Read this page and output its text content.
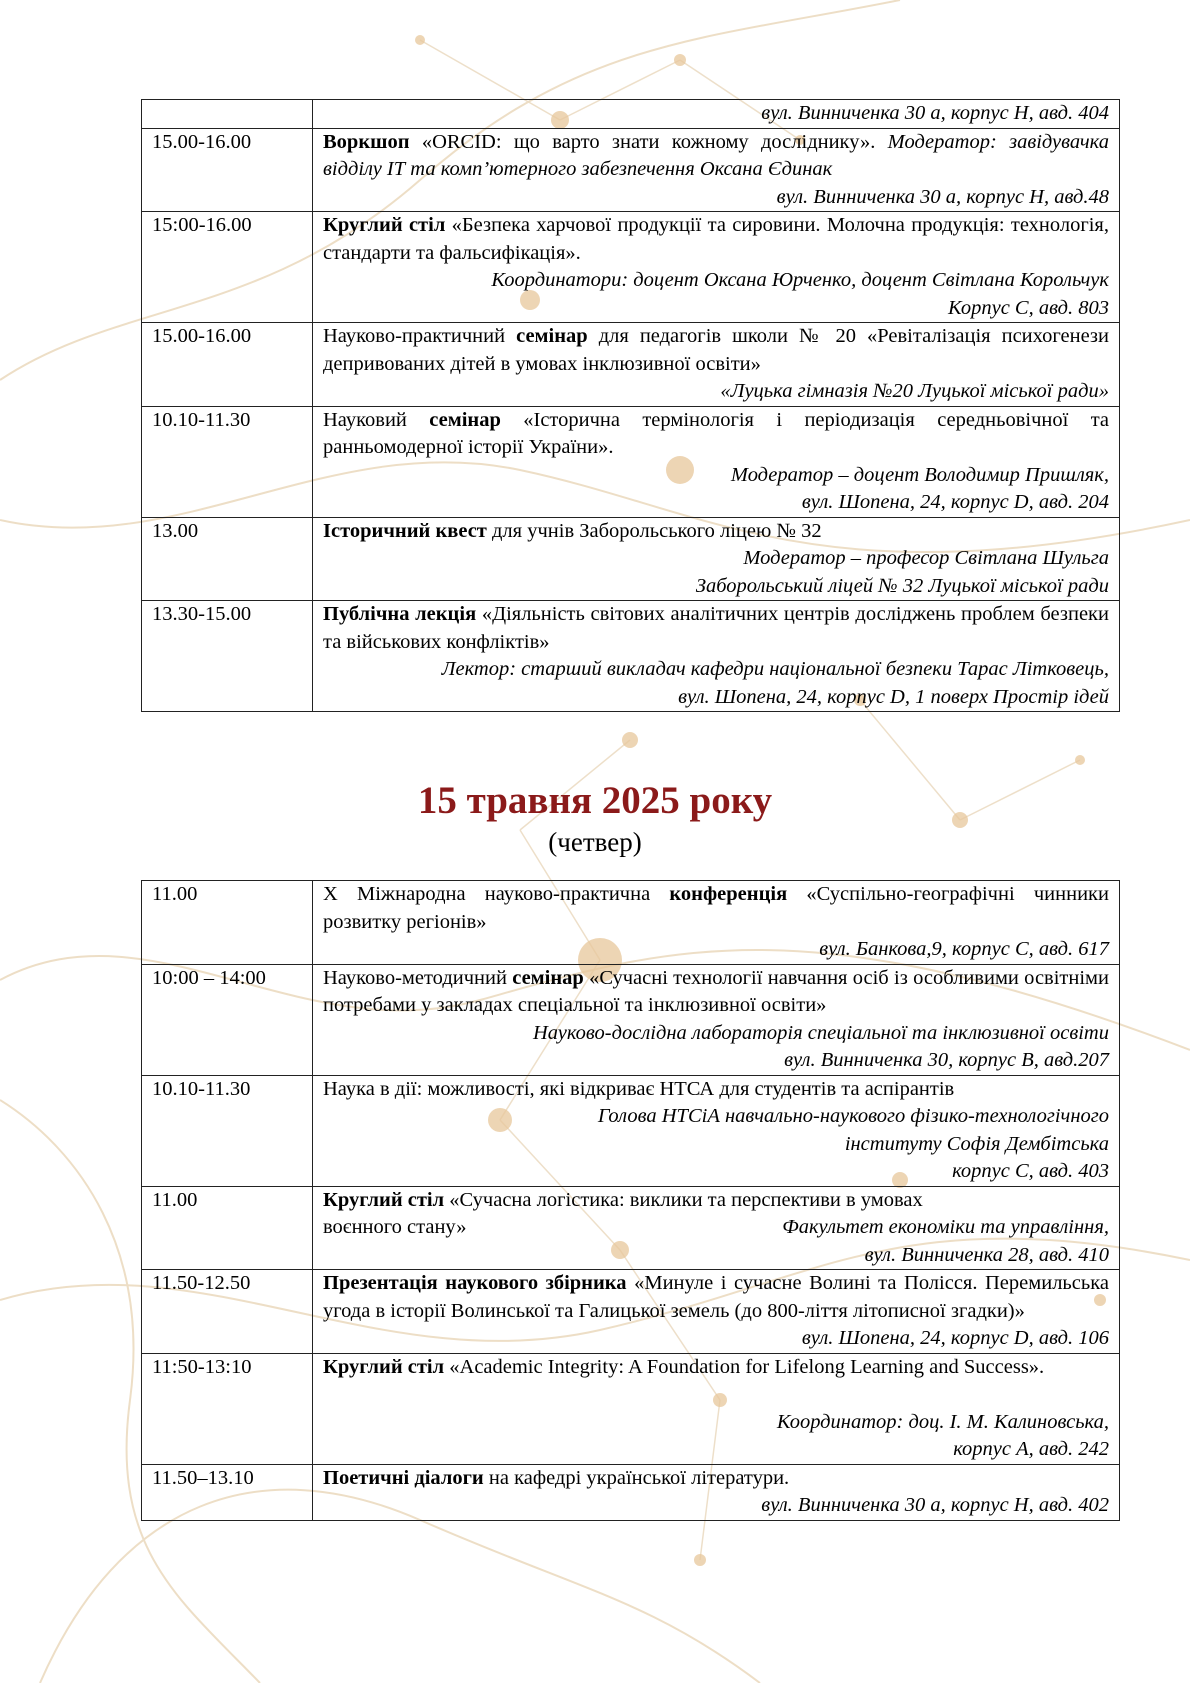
	вул. Винниченка 30 а, корпус Н, авд. 404

15.00-16.00	Воркшоп «ORCID: що варто знати кожному досліднику». Модератор: завідувачка відділу ІТ та комп’ютерного забезпечення Оксана Єдинак
вул. Винниченка 30 а, корпус Н, авд.48

15:00-16.00	Круглий стіл «Безпека харчової продукції та сировини. Молочна продукція: технологія, стандарти та фальсифікація».
Координатори: доцент Оксана Юрченко, доцент Світлана Корольчук
Корпус С, авд. 803

15.00-16.00	Науково-практичний семінар для педагогів школи № 20 «Ревіталізація психогенези депривованих дітей в умовах інклюзивної освіти»
«Луцька гімназія №20 Луцької міської ради»

10.10-11.30	Науковий семінар «Історична термінологія і періодизація середньовічної та ранньомодерної історії України».
Модератор – доцент Володимир Пришляк,
вул. Шопена, 24, корпус D, авд. 204

13.00	Історичний квест для учнів Заборольського ліцею № 32
Модератор – професор Світлана Шульга
Заборольський ліцей № 32 Луцької міської ради

13.30-15.00	Публічна лекція «Діяльність світових аналітичних центрів досліджень проблем безпеки та військових конфліктів»
Лектор: старший викладач кафедри національної безпеки Тарас Літковець,
вул. Шопена, 24, корпус D, 1 поверх Простір ідей
15 травня 2025 року
(четвер)
11.00	Х Міжнародна науково-практична конференція «Суспільно-географічні чинники розвитку регіонів»
вул. Банкова,9, корпус С, авд. 617

10:00 – 14:00	Науково-методичний семінар «Сучасні технології навчання осіб із особливими освітніми потребами у закладах спеціальної та інклюзивної освіти»
Науково-дослідна лабораторія спеціальної та інклюзивної освіти
вул. Винниченка 30, корпус В, авд.207

10.10-11.30	Наука в дії: можливості, які відкриває НТСА для студентів та аспірантів
Голова НТСіА навчально-наукового фізико-технологічного
інституту Софія Дембітська
корпус С, авд. 403

11.00	Круглий стіл «Сучасна логістика: виклики та перспективи в умовах
воєнного стану» Факультет економіки та управління,
вул. Винниченка 28, авд. 410

11.50-12.50	Презентація наукового збірника «Минуле і сучасне Волині та Полісся. Перемильська угода в історії Волинської та Галицької земель (до 800-ліття літописної згадки)»
вул. Шопена, 24, корпус D, авд. 106

11:50-13:10	Круглий стіл «Academic Integrity: A Foundation for Lifelong Learning and Success».

Координатор: доц. І. М. Калиновська,
корпус А, авд. 242

11.50–13.10	Поетичні діалоги на кафедрі української літератури.
вул. Винниченка 30 а, корпус Н, авд. 402
